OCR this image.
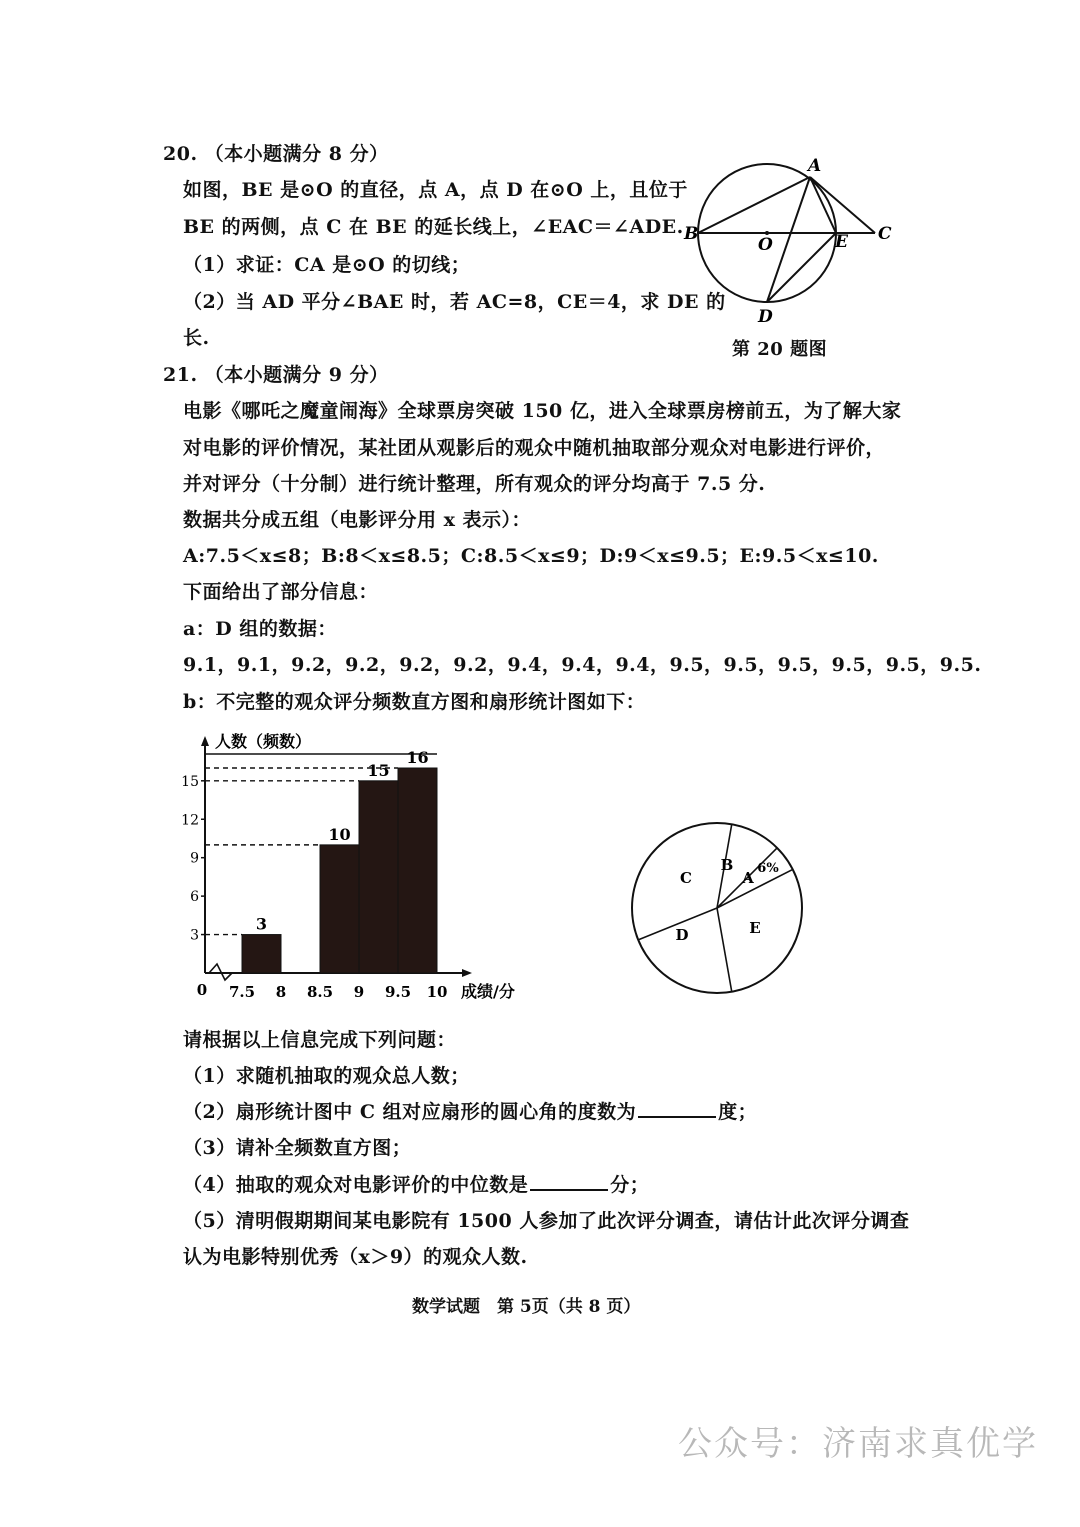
20. （本小题满分 8 分）
如图，BE 是⊙O 的直径，点 A，点 D 在⊙O 上，且位于
BE 的两侧，点 C 在 BE 的延长线上，∠EAC＝∠ADE.
（1）求证：CA 是⊙O 的切线；
（2）当 AD 平分∠BAE 时，若 AC=8，CE＝4，求 DE 的
长.
A
B	C
D
E
O
第 20 题图
21. （本小题满分 9 分）
电影《哪吒之魔童闹海》全球票房突破 150 亿，进入全球票房榜前五，为了解大家
对电影的评价情况，某社团从观影后的观众中随机抽取部分观众对电影进行评价，
并对评分（十分制）进行统计整理，所有观众的评分均高于 7.5 分.
数据共分成五组（电影评分用 x 表示）：
A:7.5＜x≤8；B:8＜x≤8.5；C:8.5＜x≤9；D:9＜x≤9.5；E:9.5＜x≤10.
下面给出了部分信息：
a：D 组的数据：
9.1，9.1，9.2，9.2，9.2，9.2，9.4，9.4，9.4，9.5，9.5，9.5，9.5，9.5，9.5.
b：不完整的观众评分频数直方图和扇形统计图如下：
3
10
15
16
3
6
9
12
15
7.5 8 8.5 9 9.5 10
0	成绩/分
人数（频数）
A
6%
B
C
D	E
请根据以上信息完成下列问题：
（1）求随机抽取的观众总人数；
（2）扇形统计图中 C 组对应扇形的圆心角的度数为	度；
（3）请补全频数直方图；
（4）抽取的观众对电影评价的中位数是	分；
（5）清明假期期间某电影院有 1500 人参加了此次评分调查，请估计此次评分调查
认为电影特别优秀（x＞9）的观众人数.
数学试题　第 5页（共 8 页）
公众号：济南求真优学
